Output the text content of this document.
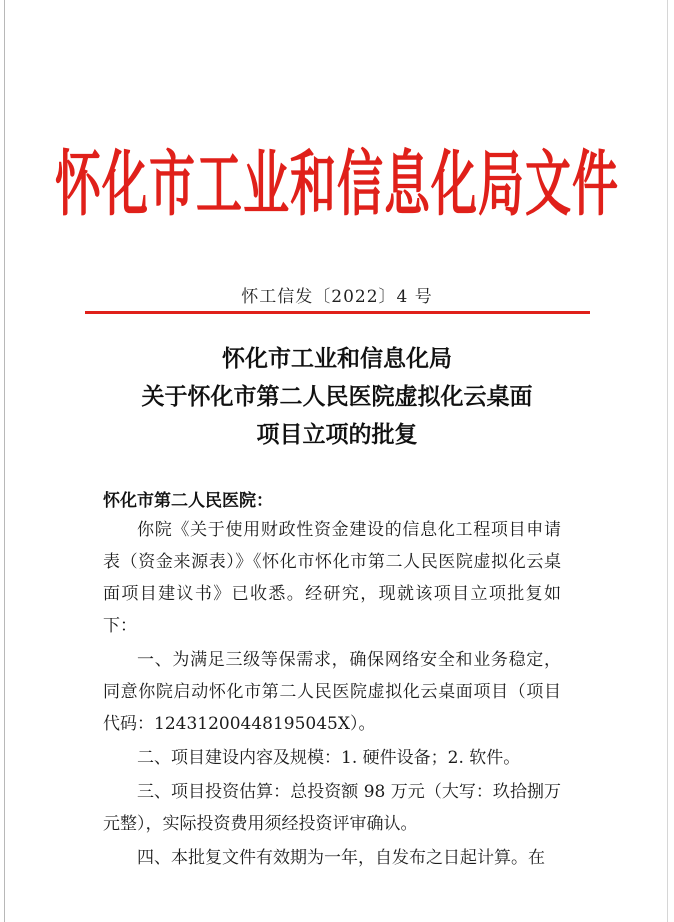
怀化市工业和信息化局文件
怀工信发〔2022〕4 号
怀化市工业和信息化局
关于怀化市第二人民医院虚拟化云桌面
项目立项的批复
怀化市第二人民医院：

你院《关于使用财政性资金建设的信息化工程项目申请表（资金来源表）》《怀化市怀化市第二人民医院虚拟化云桌面项目建议书》已收悉。经研究，现就该项目立项批复如下：

一、为满足三级等保需求，确保网络安全和业务稳定，同意你院启动怀化市第二人民医院虚拟化云桌面项目（项目代码：12431200448195045X）。

二、项目建设内容及规模：1. 硬件设备；2. 软件。

三、项目投资估算：总投资额 98 万元（大写：玖拾捌万元整），实际投资费用须经投资评审确认。

四、本批复文件有效期为一年，自发布之日起计算。在
